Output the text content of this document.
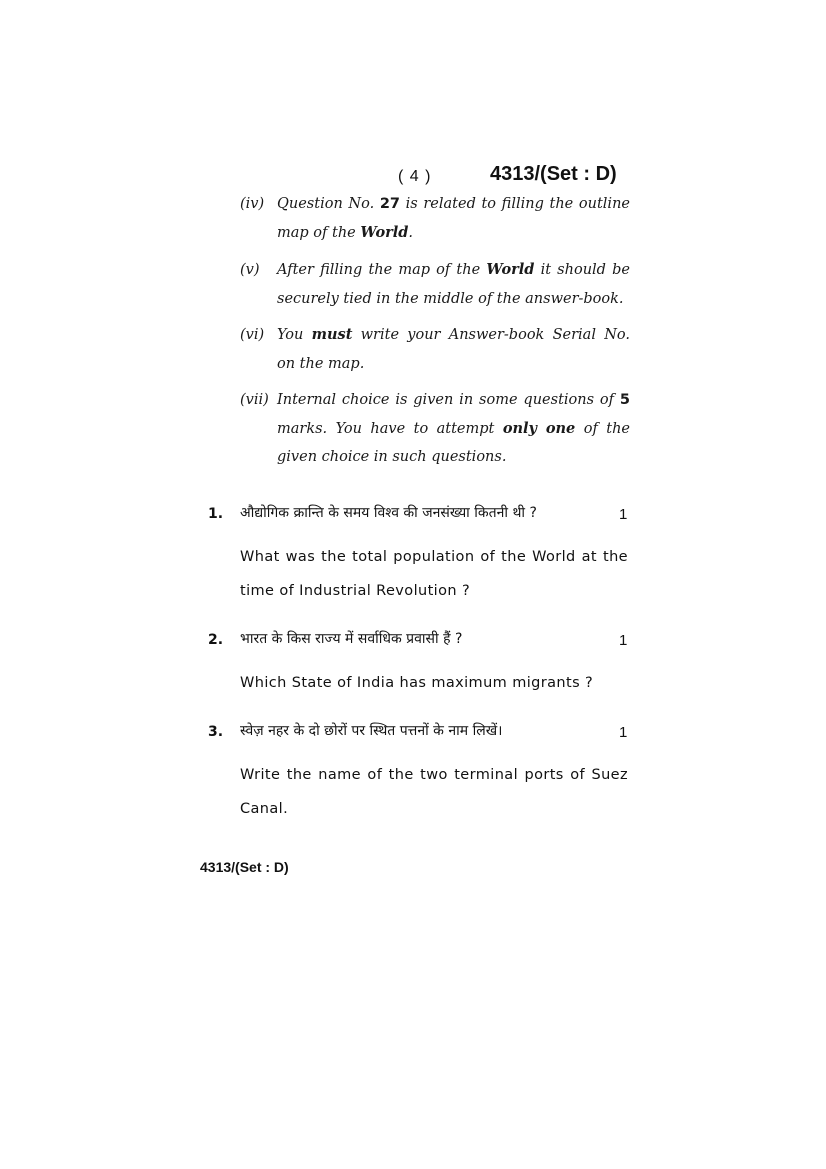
( 4 )	4313/(Set : D)
(iv) Question No. 27 is related to filling the outline map of the World.
(v) After filling the map of the World it should be securely tied in the middle of the answer-book.
(vi) You must write your Answer-book Serial No. on the map.
(vii) Internal choice is given in some questions of 5 marks. You have to attempt only one of the given choice in such questions.
1. औद्योगिक क्रान्ति के समय विश्व की जनसंख्या कितनी थी ?	1
What was the total population of the World at the time of Industrial Revolution ?
2. भारत के किस राज्य में सर्वाधिक प्रवासी हैं ?	1
Which State of India has maximum migrants ?
3. स्वेज़ नहर के दो छोरों पर स्थित पत्तनों के नाम लिखें।	1
Write the name of the two terminal ports of Suez Canal.
4313/(Set : D)
